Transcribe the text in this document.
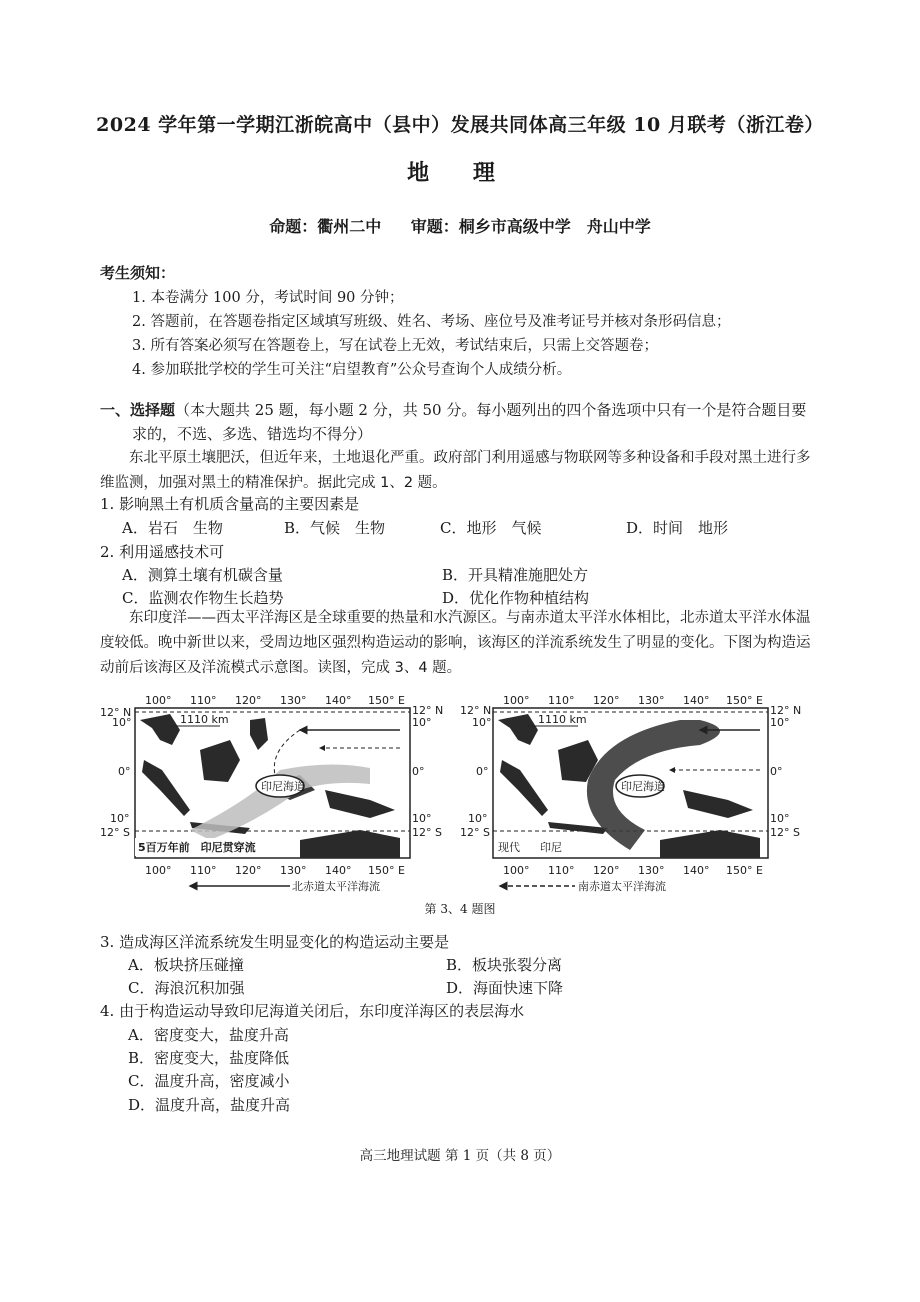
2024 学年第一学期江浙皖高中（县中）发展共同体高三年级 10 月联考（浙江卷）
地 理
命题：衢州二中 审题：桐乡市高级中学　舟山中学
考生须知：
1. 本卷满分 100 分，考试时间 90 分钟；
2. 答题前，在答题卷指定区域填写班级、姓名、考场、座位号及准考证号并核对条形码信息；
3. 所有答案必须写在答题卷上，写在试卷上无效，考试结束后，只需上交答题卷；
4. 参加联批学校的学生可关注“启望教育”公众号查询个人成绩分析。
一、选择题（本大题共 25 题，每小题 2 分，共 50 分。每小题列出的四个备选项中只有一个是符合题目要
求的，不选、多选、错选均不得分）
东北平原土壤肥沃，但近年来，土地退化严重。政府部门利用遥感与物联网等多种设备和手段对黑土进行多维监测，加强对黑土的精准保护。据此完成 1、2 题。
1. 影响黑土有机质含量高的主要因素是
A．岩石　生物	B．气候　生物	C．地形　气候	D．时间　地形
2. 利用遥感技术可
A．测算土壤有机碳含量	B．开具精准施肥处方
C．监测农作物生长趋势	D．优化作物种植结构
东印度洋——西太平洋海区是全球重要的热量和水汽源区。与南赤道太平洋水体相比，北赤道太平洋水体温度较低。晚中新世以来，受周边地区强烈构造运动的影响，该海区的洋流系统发生了明显的变化。下图为构造运动前后该海区及洋流模式示意图。读图，完成 3、4 题。
100° 110° 120° 130° 140° 150° E
12° N
10°
0°
10°
12° S
12° N
10°
0°
10°
12° S
1110 km
印尼海道
5百万年前　印尼贯穿流
100° 110° 120° 130° 140° 150° E
北赤道太平洋海流
1110 km
印尼海道
现代 印尼
100° 110° 120° 130° 140° 150° E
12° N
10°
0°
10°
12° S
12° N
10°
0°
10°
12° S
100° 110° 120° 130° 140° 150° E
南赤道太平洋海流
第 3、4 题图
3. 造成海区洋流系统发生明显变化的构造运动主要是
A．板块挤压碰撞	B．板块张裂分离
C．海浪沉积加强	D．海面快速下降
4. 由于构造运动导致印尼海道关闭后，东印度洋海区的表层海水
A．密度变大，盐度升高
B．密度变大，盐度降低
C．温度升高，密度减小
D．温度升高，盐度升高
高三地理试题 第 1 页（共 8 页）
